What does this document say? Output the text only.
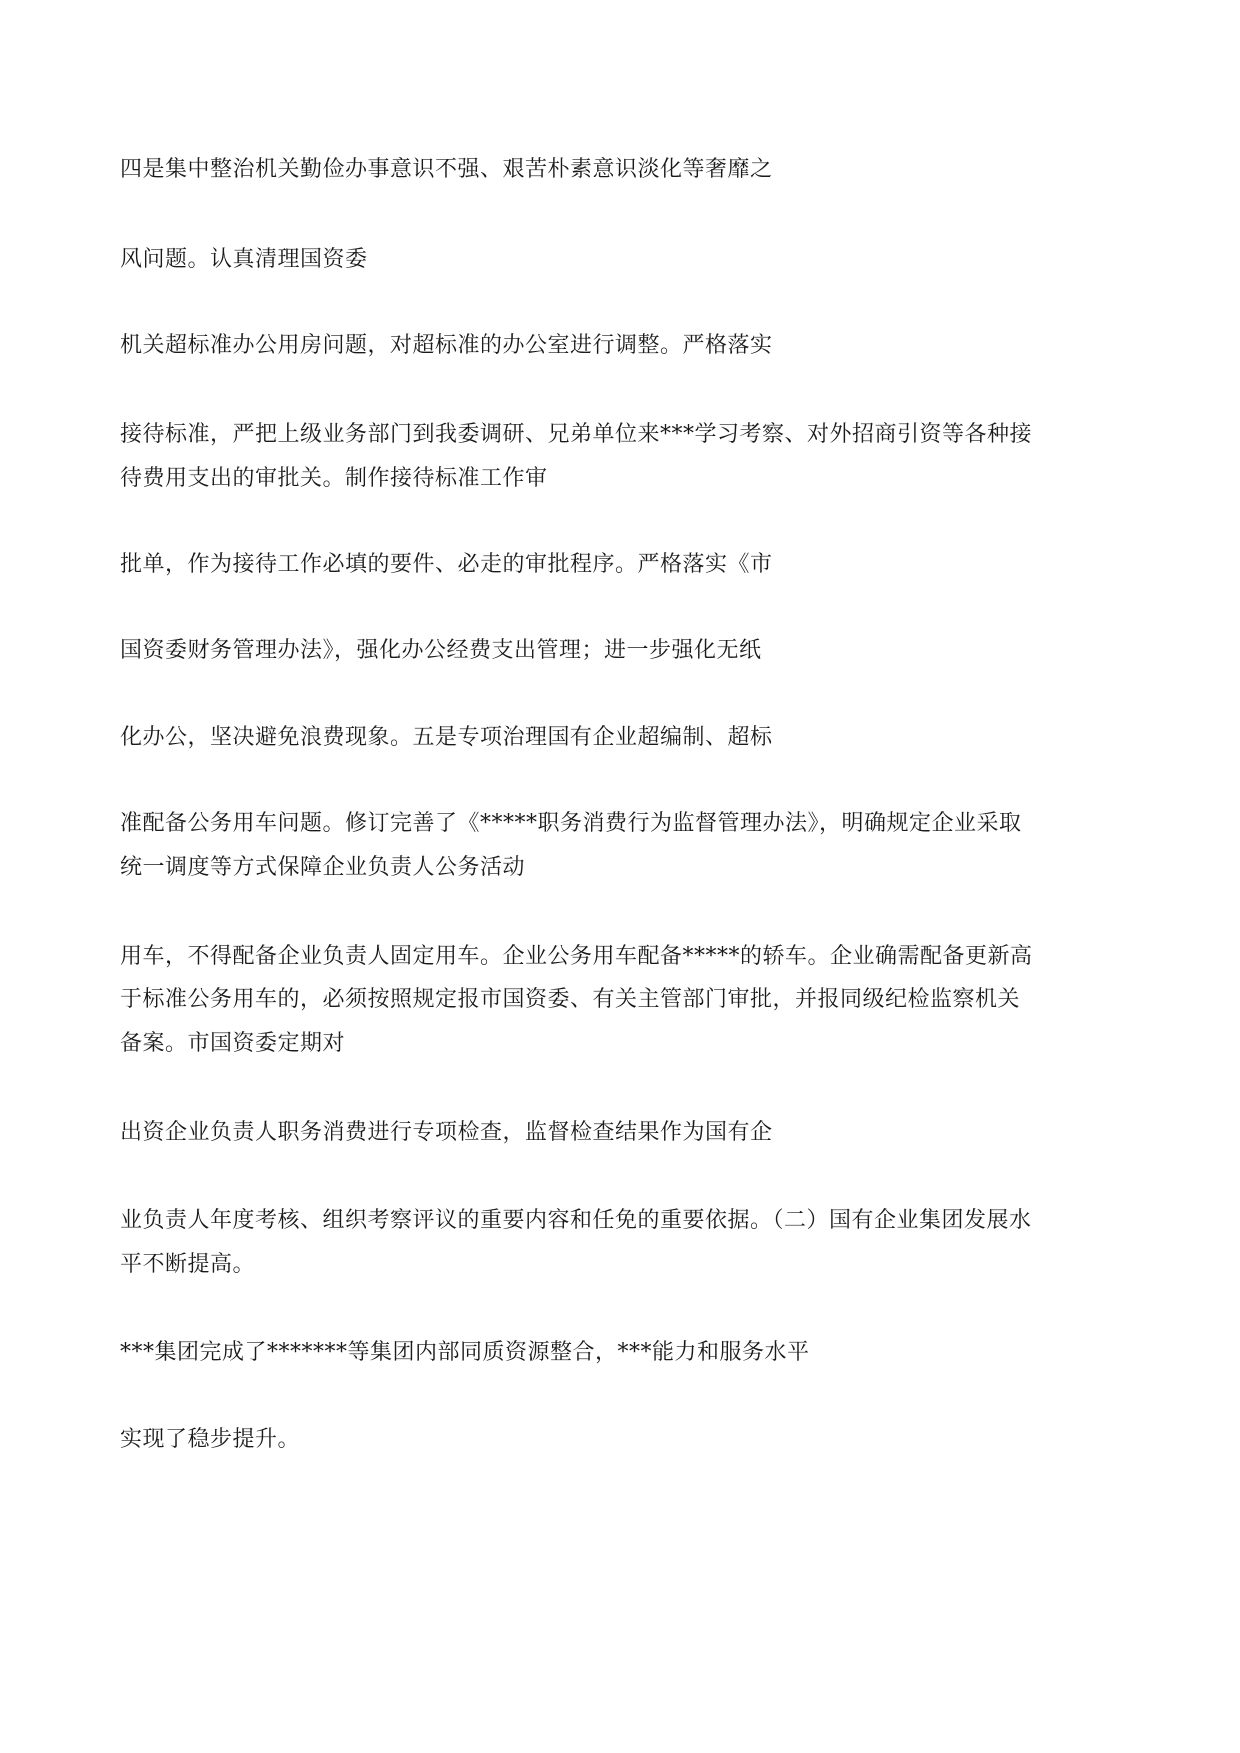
四是集中整治机关勤俭办事意识不强、艰苦朴素意识淡化等奢靡之
风问题。认真清理国资委
机关超标准办公用房问题，对超标准的办公室进行调整。严格落实
接待标准，严把上级业务部门到我委调研、兄弟单位来***学习考察、对外招商引资等各种接
待费用支出的审批关。制作接待标准工作审
批单，作为接待工作必填的要件、必走的审批程序。严格落实《市
国资委财务管理办法》，强化办公经费支出管理；进一步强化无纸
化办公，坚决避免浪费现象。五是专项治理国有企业超编制、超标
准配备公务用车问题。修订完善了《*****职务消费行为监督管理办法》，明确规定企业采取
统一调度等方式保障企业负责人公务活动
用车，不得配备企业负责人固定用车。企业公务用车配备*****的轿车。企业确需配备更新高
于标准公务用车的，必须按照规定报市国资委、有关主管部门审批，并报同级纪检监察机关
备案。市国资委定期对
出资企业负责人职务消费进行专项检查，监督检查结果作为国有企
业负责人年度考核、组织考察评议的重要内容和任免的重要依据。（二）国有企业集团发展水
平不断提高。
***集团完成了*******等集团内部同质资源整合，***能力和服务水平
实现了稳步提升。
